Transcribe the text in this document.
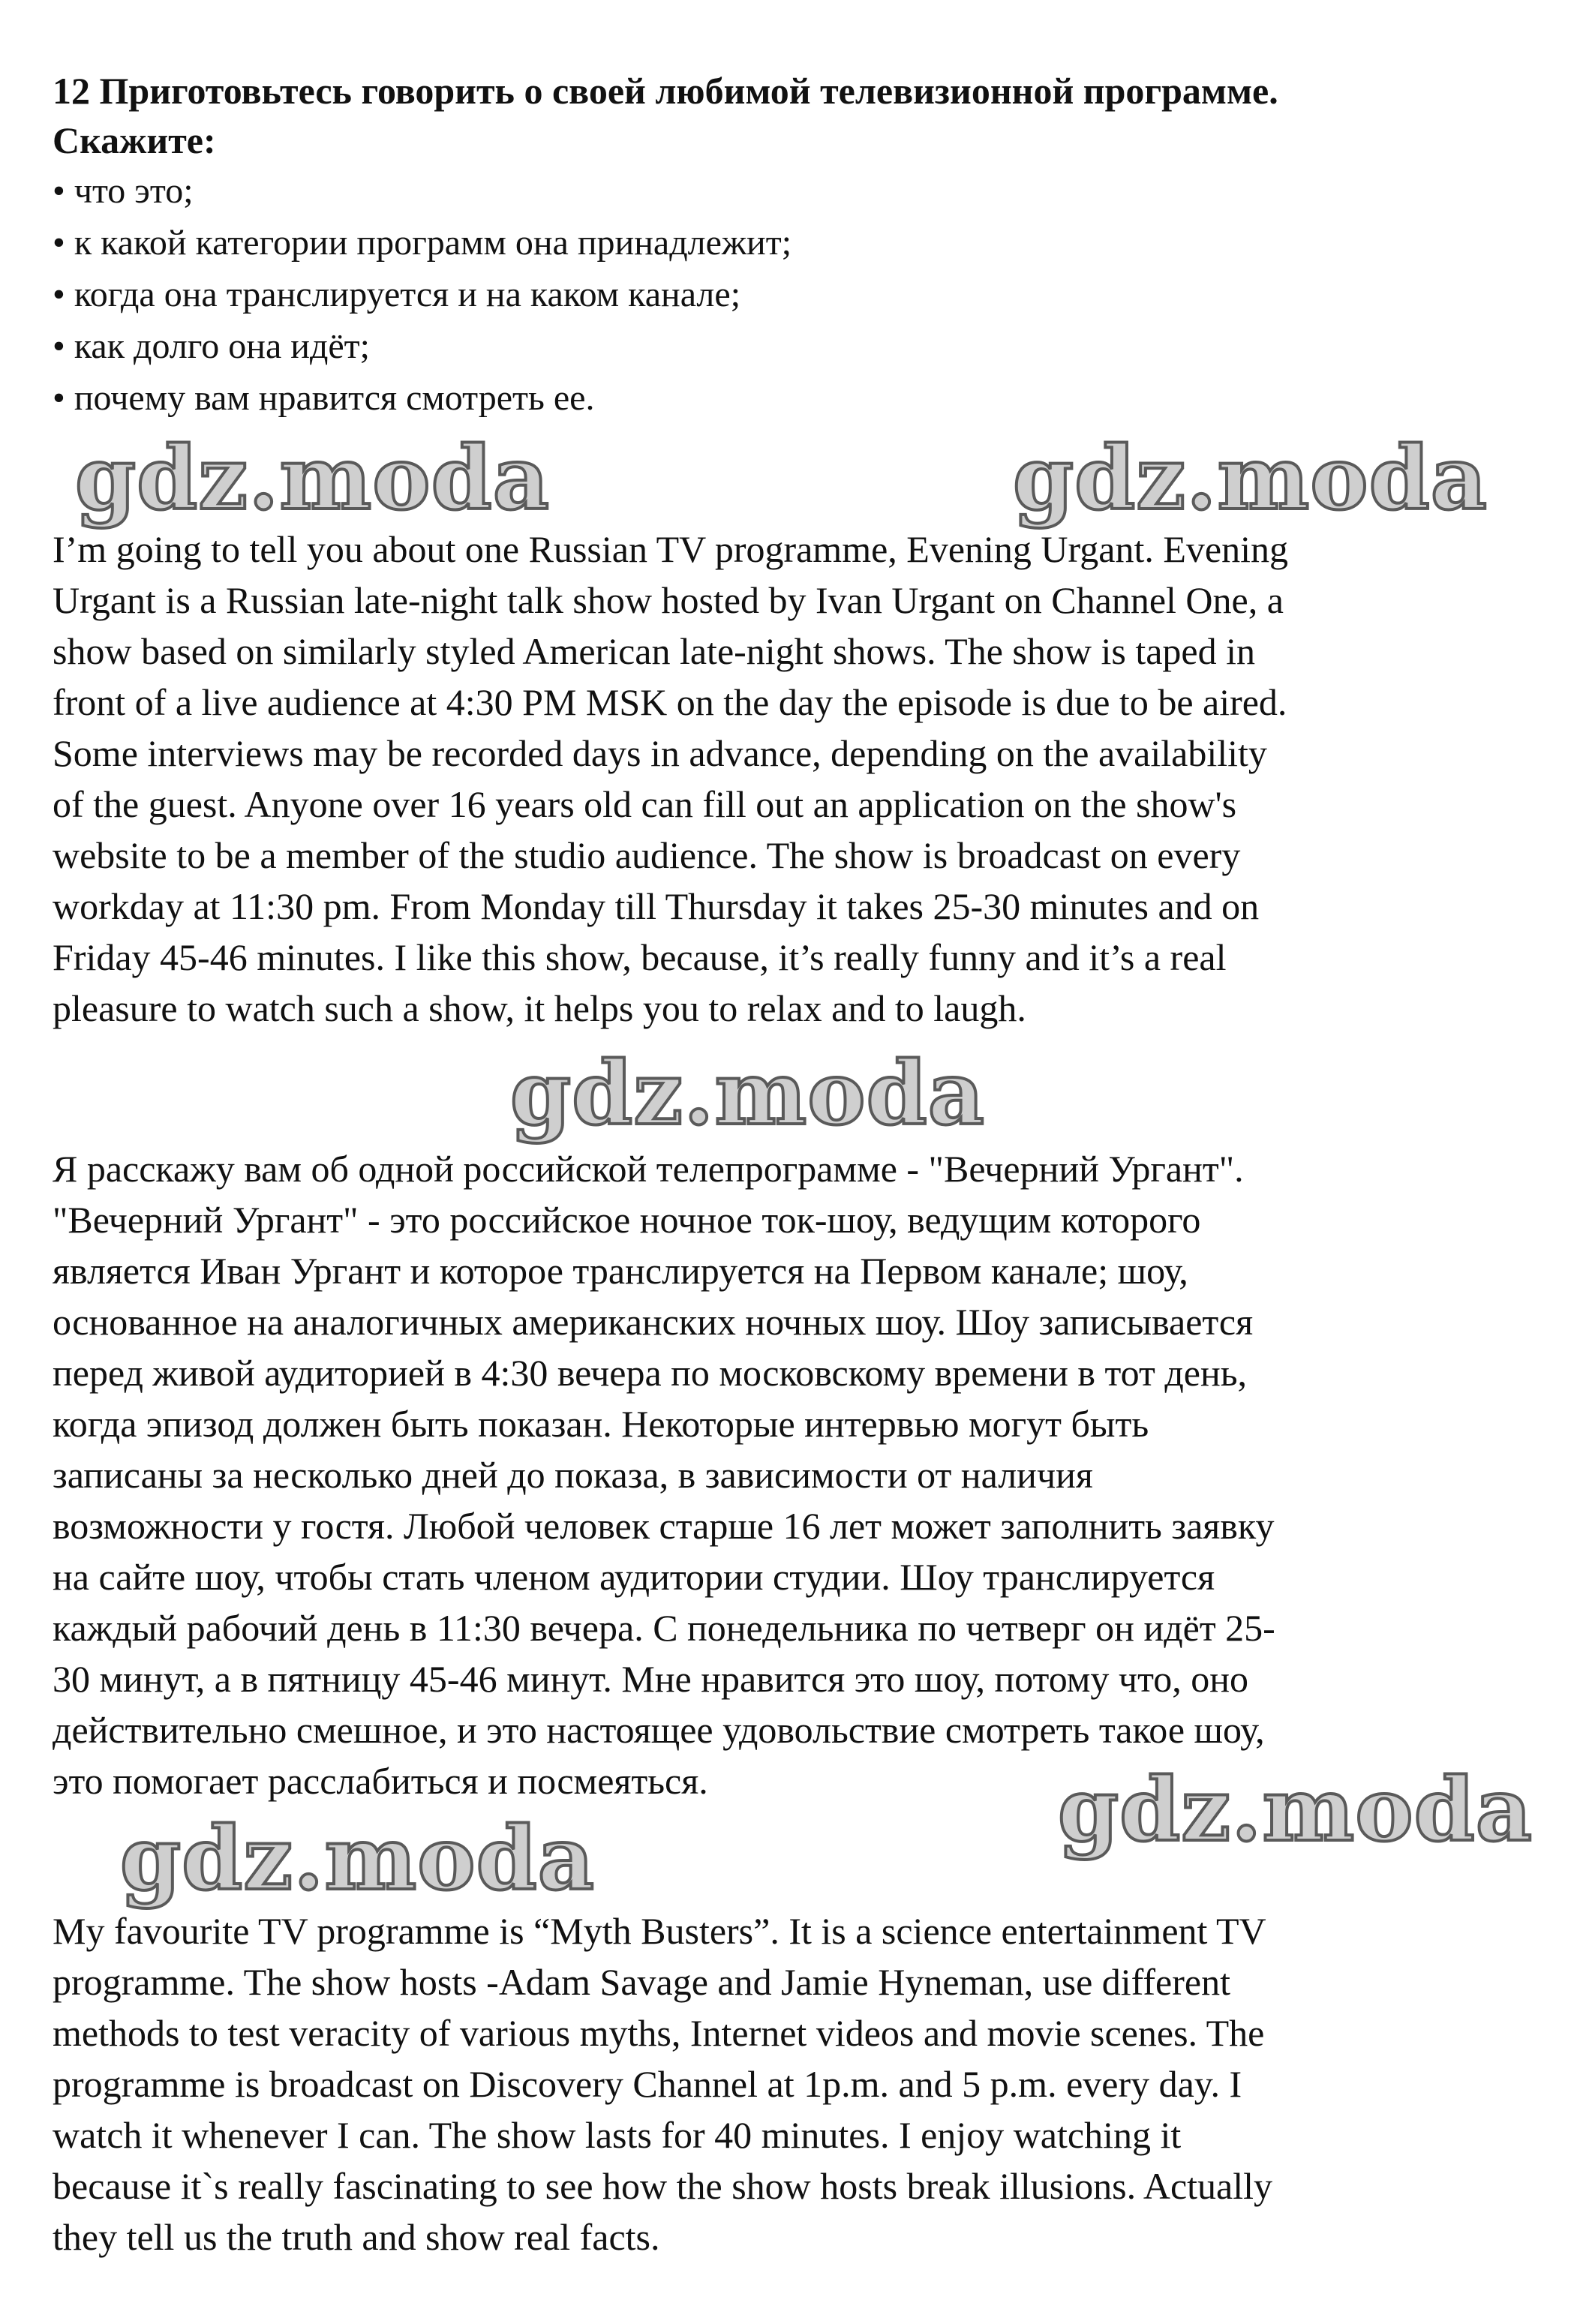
12 Приготовьтесь говорить о своей любимой телевизионной программе.

Скажите:

• что это;
• к какой категории программ она принадлежит;
• когда она транслируется и на каком канале;
• как долго она идёт;
• почему вам нравится смотреть ее.

I’m going to tell you about one Russian TV programme, Evening Urgant. Evening
Urgant is a Russian late-night talk show hosted by Ivan Urgant on Channel One, a
show based on similarly styled American late-night shows. The show is taped in
front of a live audience at 4:30 PM MSK on the day the episode is due to be aired.
Some interviews may be recorded days in advance, depending on the availability
of the guest. Anyone over 16 years old can fill out an application on the show's
website to be a member of the studio audience. The show is broadcast on every
workday at 11:30 pm. From Monday till Thursday it takes 25-30 minutes and on
Friday 45-46 minutes. I like this show, because, it’s really funny and it’s a real
pleasure to watch such a show, it helps you to relax and to laugh.

Я расскажу вам об одной российской телепрограмме - "Вечерний Ургант".
"Вечерний Ургант" - это российское ночное ток-шоу, ведущим которого
является Иван Ургант и которое транслируется на Первом канале; шоу,
основанное на аналогичных американских ночных шоу. Шоу записывается
перед живой аудиторией в 4:30 вечера по московскому времени в тот день,
когда эпизод должен быть показан. Некоторые интервью могут быть
записаны за несколько дней до показа, в зависимости от наличия
возможности у гостя. Любой человек старше 16 лет может заполнить заявку
на сайте шоу, чтобы стать членом аудитории студии. Шоу транслируется
каждый рабочий день в 11:30 вечера. С понедельника по четверг он идёт 25-
30 минут, а в пятницу 45-46 минут. Мне нравится это шоу, потому что, оно
действительно смешное, и это настоящее удовольствие смотреть такое шоу,
это помогает расслабиться и посмеяться.

My favourite TV programme is “Myth Busters”. It is a science entertainment TV
programme. The show hosts -Adam Savage and Jamie Hyneman, use different
methods to test veracity of various myths, Internet videos and movie scenes. The
programme is broadcast on Discovery Channel at 1p.m. and 5 p.m. every day. I
watch it whenever I can. The show lasts for 40 minutes. I enjoy watching it
because it`s really fascinating to see how the show hosts break illusions. Actually
they tell us the truth and show real facts.

gdz.moda	gdz.moda
gdz.moda
gdz.moda
gdz.moda
